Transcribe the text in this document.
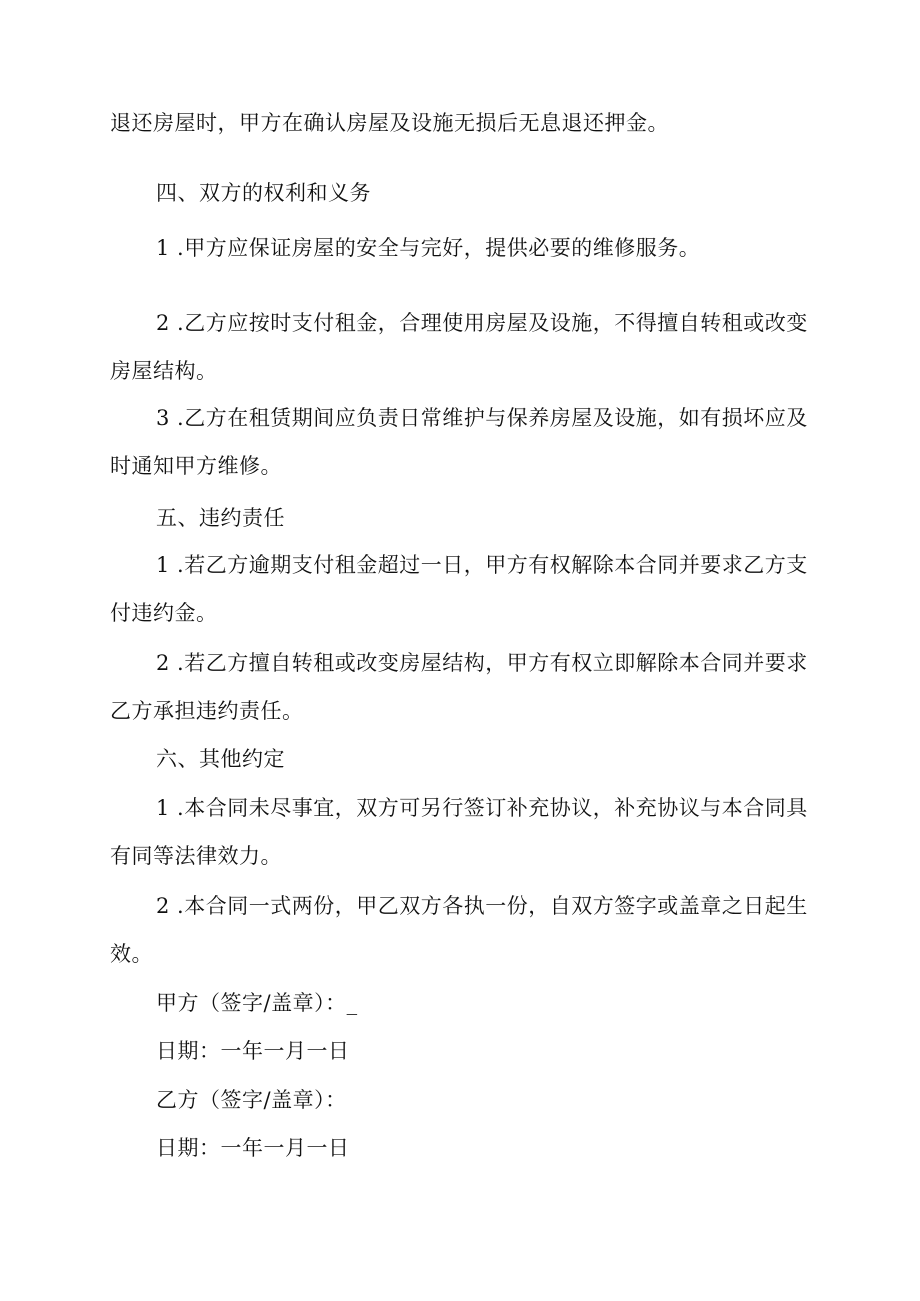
退还房屋时，甲方在确认房屋及设施无损后无息退还押金。
四、双方的权利和义务
1 .甲方应保证房屋的安全与完好，提供必要的维修服务。
2 .乙方应按时支付租金，合理使用房屋及设施，不得擅自转租或改变
房屋结构。
3 .乙方在租赁期间应负责日常维护与保养房屋及设施，如有损坏应及
时通知甲方维修。
五、违约责任
1 .若乙方逾期支付租金超过一日，甲方有权解除本合同并要求乙方支
付违约金。
2 .若乙方擅自转租或改变房屋结构，甲方有权立即解除本合同并要求
乙方承担违约责任。
六、其他约定
1 .本合同未尽事宜，双方可另行签订补充协议，补充协议与本合同具
有同等法律效力。
2 .本合同一式两份，甲乙双方各执一份，自双方签字或盖章之日起生
效。
甲方（签字/盖章）：_
日期：一年一月一日
乙方（签字/盖章）：
日期：一年一月一日
